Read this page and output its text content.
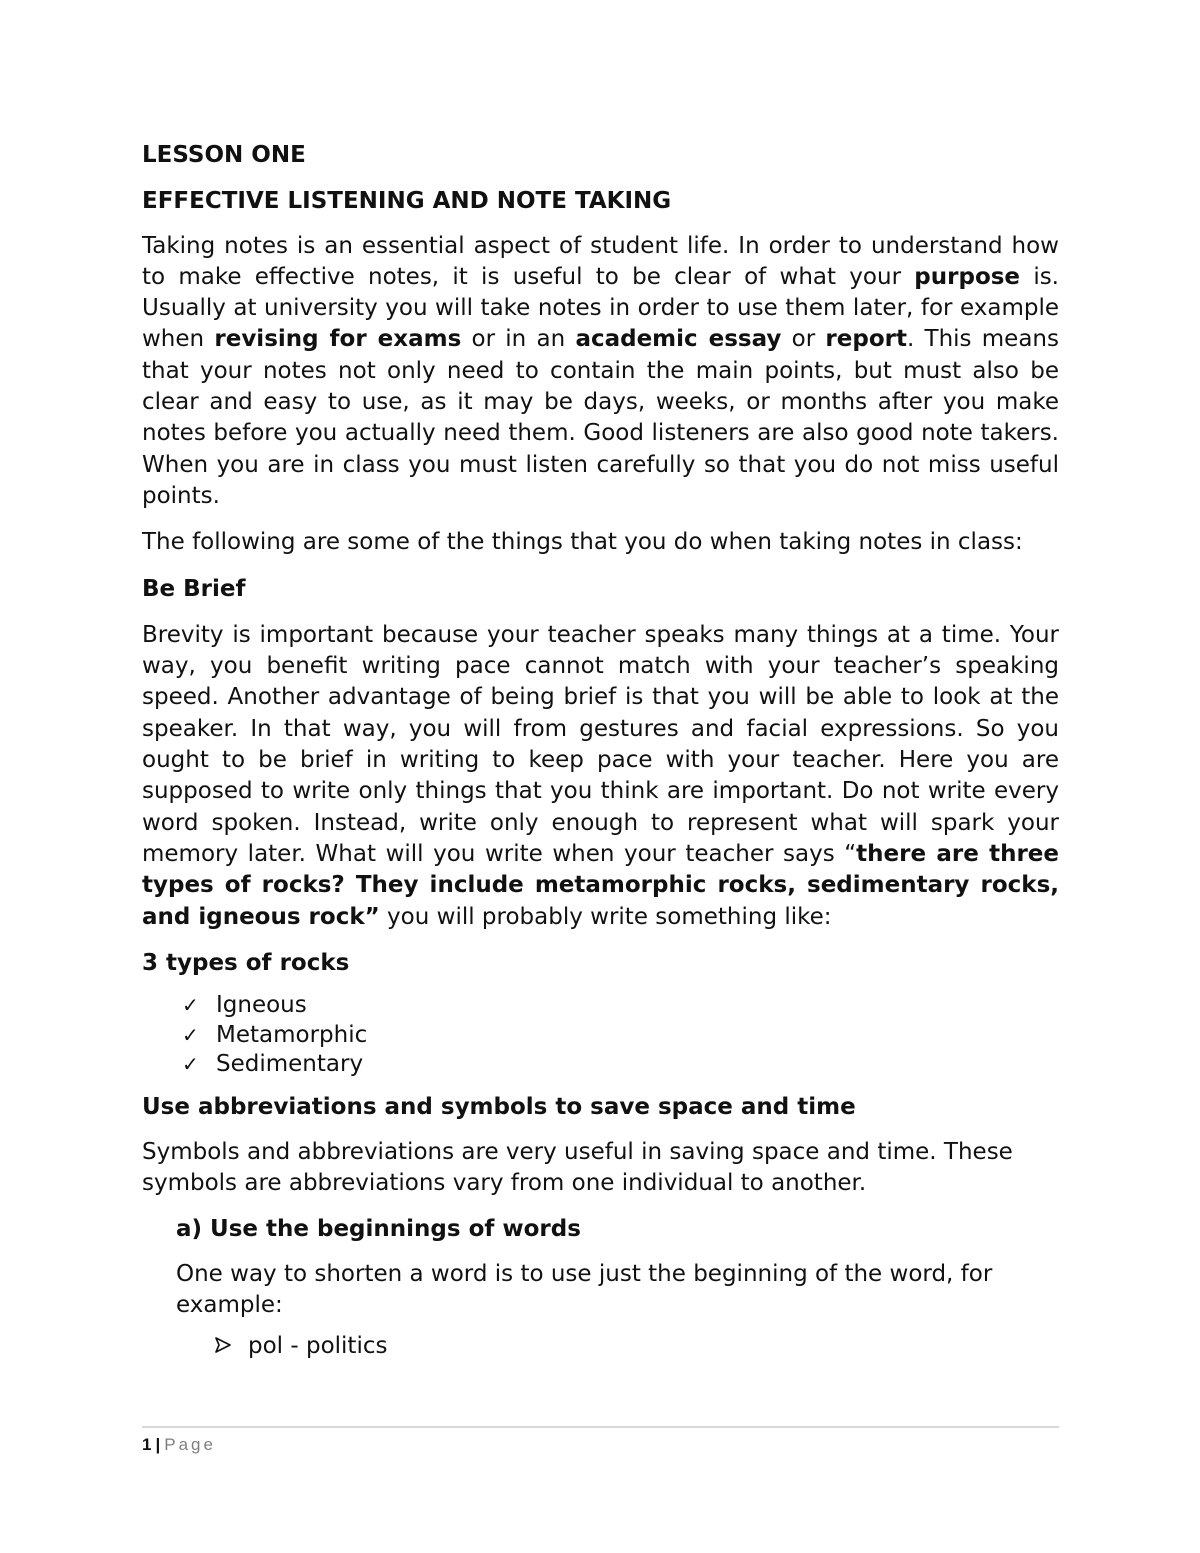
LESSON ONE

EFFECTIVE LISTENING AND NOTE TAKING

Taking notes is an essential aspect of student life. In order to understand how to make effective notes, it is useful to be clear of what your purpose is. Usually at university you will take notes in order to use them later, for example when revising for exams or in an academic essay or report. This means that your notes not only need to contain the main points, but must also be clear and easy to use, as it may be days, weeks, or months after you make notes before you actually need them. Good listeners are also good note takers. When you are in class you must listen carefully so that you do not miss useful points.

The following are some of the things that you do when taking notes in class:

Be Brief

Brevity is important because your teacher speaks many things at a time. Your way, you benefit writing pace cannot match with your teacher’s speaking speed. Another advantage of being brief is that you will be able to look at the speaker. In that way, you will from gestures and facial expressions. So you ought to be brief in writing to keep pace with your teacher. Here you are supposed to write only things that you think are important. Do not write every word spoken. Instead, write only enough to represent what will spark your memory later. What will you write when your teacher says “there are three types of rocks? They include metamorphic rocks, sedimentary rocks, and igneous rock” you will probably write something like:

3 types of rocks

✓ Igneous
✓ Metamorphic
✓ Sedimentary

Use abbreviations and symbols to save space and time

Symbols and abbreviations are very useful in saving space and time. These symbols are abbreviations vary from one individual to another.

a) Use the beginnings of words

One way to shorten a word is to use just the beginning of the word, for example:

pol - politics
1 | Page
